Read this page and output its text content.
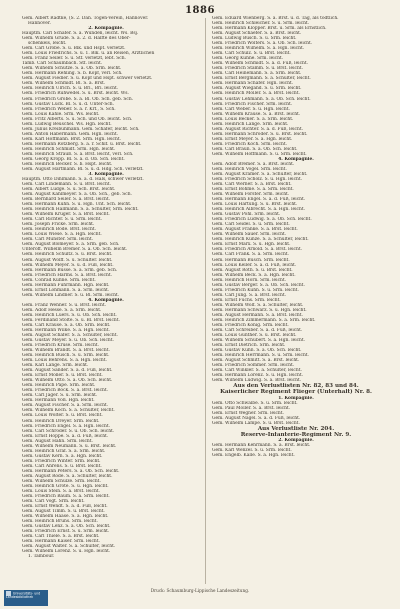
1886
Gem. Albert Radtke, (S. 2. Dan. Togen-Verein, Hannover.
Hannover.
2. Kompagnie.
Hauptm. Carl Schäfer. S. a. Wunden, leicht. Ws. Bsj.
Gem. Wilhelm Grude. S. a. 2. d. Hälfte des Ober-
schenkels, leicht.
Gem. Carl Grobe. S. u. Blk. und Hspt. verletzt.
Gem. Louis Friedrichs. S. u. 1. Blk. u. an Reisen, Ärztlichen
Gem. Franz Seiler. S. u. Stf. verletzt, lebt. Sch.
Tamb. Carl Schaumbach. Stf. leicht.
Gem. Wilhelm Schütze. S. a. Ob. Srm. leicht.
Gem. Hermann Rehling. S. b. Kopf, verl. Sch.
Gem. August Fiedler. S. u. Kopf und Hspt. schwer verletzt.
Gem. Wilhelm Schmidt. Bl. S. a. Brst.
Gem. Heinrich Ulrich. S. u. Bri., Bri. leicht.
Gem. Friedrich Ruhwedel. S. u. Brst. leicht. Ws.
Gem. Friedrich Grobe. S. a. Bl. Ob. Sch. geb. Sch.
Gem. Gustav Lück. Bl. S. u. d. Unter-Sch.
Gem. Friedrich Weber. S. a. r. Krf., S. Sch.
Gem. Louis Kahle. Srm. Ws. leicht.
Gem. Fritz Alberts. S. u. Sch. und Ob. leicht. Sch.
Gem. Ludwig Beuschel. Ws. Hgn. leicht.
Gem. Julius Kreibuhmann. Gem. Schäfer, leicht. Sch.
Gem. Anton Habermann. Gem. Hgn. leicht.
Gem. Karl Hoffmann. Brst. Srm. Hgn. leicht.
Gem. Hermann Rotzberg. S. a. r. Schlf. u. Brst. leicht.
Gem. Heinrich Schmidt. Srm. Hgn. leicht.
Gem. Heinrich Strauß. S. a. Brst. leicht, verl. Sch.
Gem. Georg Kropp. Bl. S. a. d. Ob. Sch. leicht.
Gem. Heinrich Becker. S. b. Hspt. leicht.
Gem. August Hartmann. Bl. S. u. d. Hdg. Sch. verletzt.
3. Kompagnie.
Hauptm. Otto Dihlmann. S. a. d. Hals, schwer verletzt.
Gem. Carl Lindemann. S. u. Brst. leicht.
Gem. Albert Lüdge. S. u. Sch. Brst. leicht.
Gem. August Kahlmeyer. S. a. Ob. Sch., geb. Sch.
Gem. Bernhard Seiler. S. a. Brst. leicht.
Gem. Hermann Kühn. S. u. Hgn. Unt. Sch. leicht.
Gem. Heinrich Hallmann. S. a. Schulter, Srm. leicht.
Gem. Wilhelm Krüger. S. a. Brst. leicht.
Gem. Carl Richter. S. u. Srm. leicht.
Gem. Joseph Fricke. Srm. leicht.
Gem. Heinrich Bode. Brst. leicht.
Gem. Louis Wiese. S. a. Hgn. leicht.
Gem. Carl Münster. Srm. leicht.
Gem. August Blomeyer. S. a. Srm. geb. Sch.
Unteroff. Wilhelm Bremer. S. a. Ob. Sch. leicht.
Gem. Heinrich Schultz. S. u. Brst. leicht.
Gem. August Wolff. S. u. Schulter. leicht.
Gem. Wilhelm Meyer. S. u. d. Fuß, leicht.
Gem. Hermann Busse. S. a. Srm. geb. Sch.
Gem. Friedrich Harms. S. a. Brst. leicht.
Gem. Conrad Kühne. Srm. leicht.
Gem. Hermann Fuhrmann. Hgn. leicht.
Gem. Ernst Lohmann. S. a. Srm. leicht.
Gem. Wilhelm Lindner. S. u. Bl. Srm. leicht.
4. Kompagnie.
Gem. Franz Wehner. S. u. Brst. leicht.
Gem. Adolf Hesse. S. a. Srm. leicht.
Gem. Heinrich Lüers. S. u. Ob. Sch. leicht.
Gem. Ferdinand Stolte. S. u. Bl. Brst. leicht.
Gem. Carl Krause. S. a. Ob. Srm. leicht.
Gem. Hermann Wilke. S. a. Hgn. leicht.
Gem. August Schäfer. S. a. Schulter, leicht.
Gem. Gustav Meyer. S. u. Ob. Sch. leicht.
Gem. Friedrich Kruse. Srm. leicht.
Gem. Wilhelm Brandt. S. a. Brst. leicht.
Gem. Heinrich Busch. S. u. Srm. leicht.
Gem. Louis Behrens. S. a. Hgn. leicht.
Gem. Karl Lange. Srm. leicht.
Gem. August Sander. S. a. d. Fuß, leicht.
Gem. Ernst Möller. S. u. Brst. leicht.
Gem. Wilhelm Otto. S. a. Ob. Sch. leicht.
Gem. Heinrich Pape. Srm. leicht.
Gem. Friedrich Bock. S. a. Brst. leicht.
Gem. Carl Jäger. S. u. Srm. leicht.
Gem. Hermann Voß. Hgn. leicht.
Gem. August Fischer. S. a. Srm. leicht.
Gem. Wilhelm Koch. S. a. Schulter, leicht.
Gem. Louis Wolter. S. u. Brst. leicht.
Gem. Heinrich Dreyer. Srm. leicht.
Gem. Friedrich Engel. S. a. Hgn. leicht.
Gem. Carl Schröder. S. u. Ob. Sch. leicht.
Gem. Ernst Hoppe. S. a. d. Fuß, leicht.
Gem. August Hahn. Srm. leicht.
Gem. Wilhelm Neumann. S. u. Brst. leicht.
Gem. Heinrich Graf. S. a. Srm. leicht.
Gem. Gustav Kern. S. a. Hgn. leicht.
Gem. Friedrich Winter. Srm. leicht.
Gem. Carl Ahrens. S. u. Brst. leicht.
Gem. Hermann Peters. S. a. Ob. Sch. leicht.
Gem. August Rode. S. a. Schulter, leicht.
Gem. Wilhelm Schulze. Srm. leicht.
Gem. Heinrich Grote. S. u. Hgn. leicht.
Gem. Louis Stein. S. a. Brst. leicht.
Gem. Friedrich Baum. S. a. Srm. leicht.
Gem. Carl Vogt. Srm. leicht.
Gem. Ernst Wendt. S. a. d. Fuß, leicht.
Gem. August Timm. S. u. Brst. leicht.
Gem. Wilhelm Haase. S. a. Hgn. leicht.
Gem. Heinrich Bruns. Srm. leicht.
Gem. Gustav Lenz. S. a. Ob. Sch. leicht.
Gem. Friedrich Ernst. S. u. Srm. leicht.
Gem. Carl Thiele. S. a. Brst. leicht.
Gem. Hermann Kaiser. Srm. leicht.
Gem. August Walter. S. a. Schulter, leicht.
Gem. Wilhelm Lorenz. S. u. Hgn. leicht.
1. Tambour.
Gem. Eduard Wienberg. S. a. Brst. u. d. Tag, als tödtlich.
Gem. Heinrich Schleicher. S. u. Srm. leicht.
Gem. Hermann Klöpper. Brst. u. Srm. als Ernstlich.
Gem. August Schaefer. S. a. Brst. leicht.
Gem. Ludwig Busch. S. u. Srm. leicht.
Gem. Friedrich Wolters. S. a. Ob. Sch. leicht.
Gem. Heinrich Wilhelm. S. a. Hgn. leicht.
Gem. Carl Schulz. S. u. Brst. leicht.
Gem. Georg Kühne. Srm. leicht.
Gem. Wilhelm Schmidt. S. a. d. Fuß, leicht.
Gem. Friedrich Stamm. S. u. Brst. leicht.
Gem. Carl Heinemann. S. a. Srm. leicht.
Gem. Ernst Bergmann. S. a. Schulter, leicht.
Gem. Hermann Schäfer. Hgn. leicht.
Gem. August Wiegand. S. u. Srm. leicht.
Gem. Heinrich Möller. S. a. Brst. leicht.
Gem. Gustav Lehmann. S. a. Ob. Sch. leicht.
Gem. Friedrich Fischer. Srm. leicht.
Gem. Carl Weber. S. u. Hgn. leicht.
Gem. Wilhelm Krause. S. a. Brst. leicht.
Gem. Louis Becker. S. a. Srm. leicht.
Gem. Heinrich Lange. Srm. leicht.
Gem. August Richter. S. a. d. Fuß, leicht.
Gem. Hermann Schröder. S. u. Brst. leicht.
Gem. Ernst Meyer. S. a. Hgn. leicht.
Gem. Friedrich Koch. Srm. leicht.
Gem. Carl Braun. S. a. Ob. Sch. leicht.
Gem. Wilhelm Hoffmann. S. u. Srm. leicht.
4. Kompagnie.
Gem. Adolf Bremer. S. a. Brst. leicht.
Gem. Heinrich Vogel. Srm. leicht.
Gem. August Kramer. S. a. Schulter, leicht.
Gem. Friedrich Scholz. S. u. Hgn. leicht.
Gem. Carl Werner. S. a. Brst. leicht.
Gem. Ernst Böhme. S. a. Srm. leicht.
Gem. Wilhelm Förster. Srm. leicht.
Gem. Hermann Engel. S. a. d. Fuß, leicht.
Gem. Louis Hartung. S. u. Brst. leicht.
Gem. Heinrich Albrecht. S. a. Hgn. leicht.
Gem. Gustav Pohl. Srm. leicht.
Gem. Friedrich Ludwig. S. a. Ob. Sch. leicht.
Gem. Carl Seidel. S. u. Srm. leicht.
Gem. August Franke. S. a. Brst. leicht.
Gem. Wilhelm Sauer. Srm. leicht.
Gem. Heinrich Kunze. S. a. Schulter, leicht.
Gem. Ernst Marx. S. u. Hgn. leicht.
Gem. Friedrich Arnold. S. a. Brst. leicht.
Gem. Carl Frank. S. a. Srm. leicht.
Gem. Hermann Busch. Srm. leicht.
Gem. Louis Keller. S. a. d. Fuß, leicht.
Gem. August Roth. S. u. Brst. leicht.
Gem. Wilhelm Beck. S. a. Hgn. leicht.
Gem. Heinrich Horn. Srm. leicht.
Gem. Gustav Berger. S. a. Ob. Sch. leicht.
Gem. Friedrich Kühn. S. u. Srm. leicht.
Gem. Carl Jung. S. a. Brst. leicht.
Gem. Ernst Fuchs. Srm. leicht.
Gem. Wilhelm Wolf. S. a. Schulter, leicht.
Gem. Hermann Schwarz. S. u. Hgn. leicht.
Gem. August Hermann. S. a. Brst. leicht.
Gem. Heinrich Zimmermann. S. a. Srm. leicht.
Gem. Friedrich König. Srm. leicht.
Gem. Carl Schreiber. S. a. d. Fuß, leicht.
Gem. Louis Günther. S. u. Brst. leicht.
Gem. Wilhelm Schubert. S. a. Hgn. leicht.
Gem. Ernst Dietrich. Srm. leicht.
Gem. Gustav Kuhn. S. a. Ob. Sch. leicht.
Gem. Heinrich Herrmann. S. u. Srm. leicht.
Gem. August Schmitt. S. a. Brst. leicht.
Gem. Friedrich Sommer. Srm. leicht.
Gem. Carl Winkler. S. a. Schulter, leicht.
Gem. Hermann Lorenz. S. u. Hgn. leicht.
Gem. Wilhelm Ludwig. S. a. Brst. leicht.
Aus den Verlustlisten Nr. 82, 83 und 84.
Kaiserlicher Regiment Flieger (Unterhalt) Nr. 8.
1. Kompagnie.
Gem. Otto Schwalbe. S. u. Srm. leicht.
Gem. Paul Möller. S. a. Brst. leicht.
Gem. Ernst Wegner. Srm. leicht.
Gem. August Nagel. S. a. d. Fuß, leicht.
Gem. Wilhelm Lampe. S. u. Brst. leicht.
Aus Verlustliste Nr. 204.
Reserve-Infanterie-Regiment Nr. 9.
2. Kompagnie.
Gem. Hermann Kehrmann. S. a. Brst. leicht.
Gem. Karl Wenzel. S. u. Srm. leicht.
Gem. Engelb. Kalle. S. a. Hgn. leicht.
Druck: Schaumburg-Lippische Landeszeitung.
Universitäts- und Landesbibliothek
